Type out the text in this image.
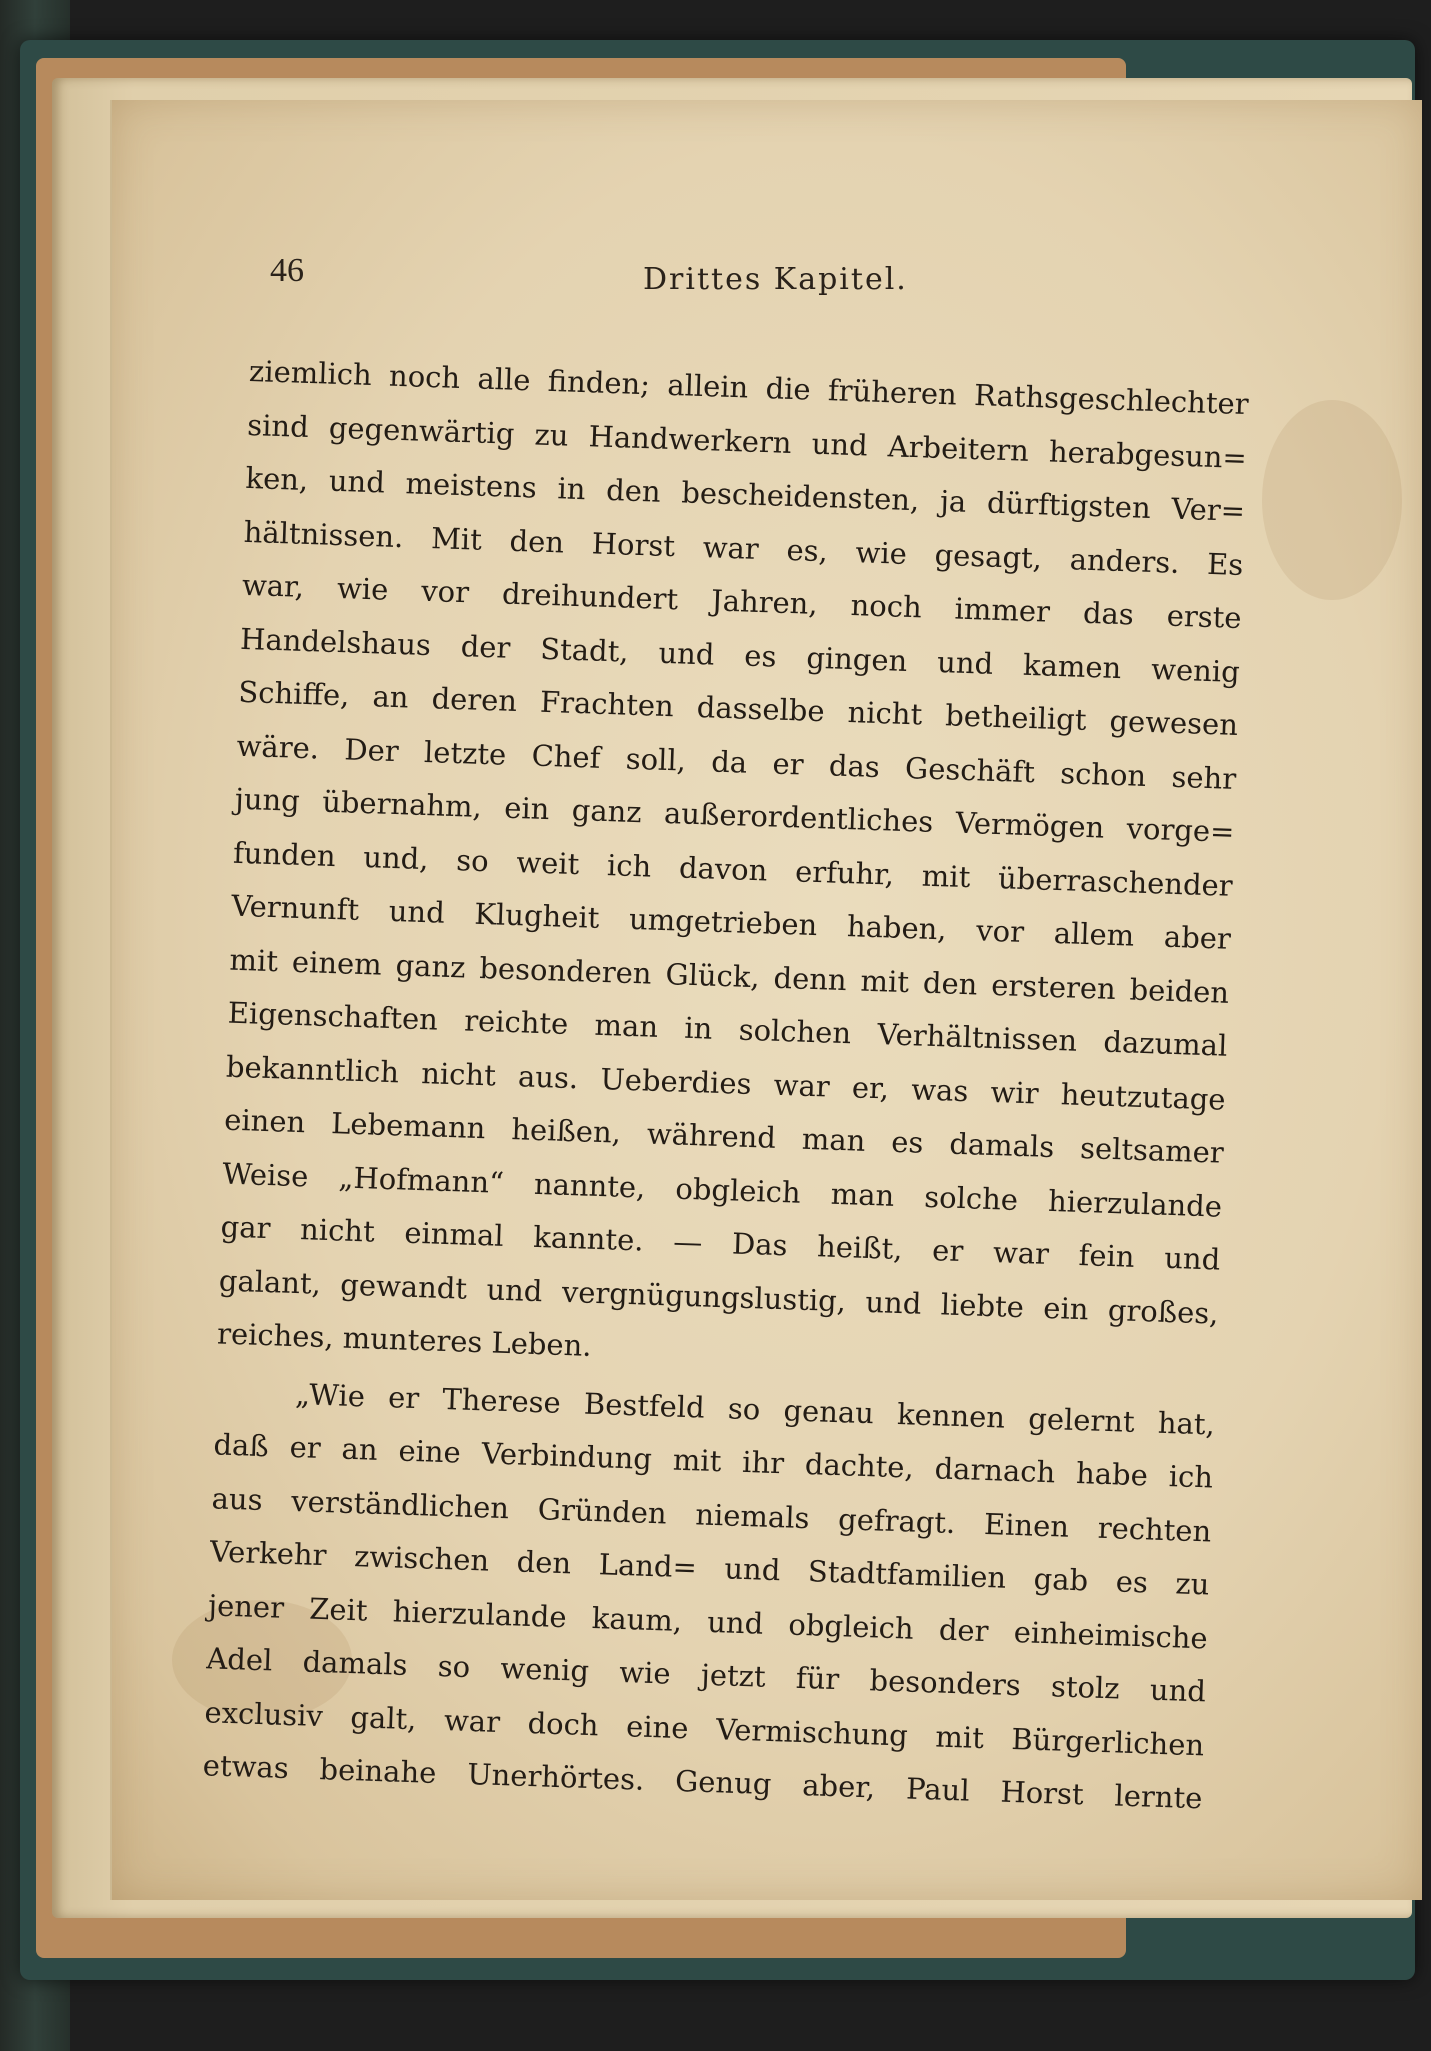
46	Drittes Kapitel.

ziemlich noch alle finden; allein die früheren Rathsgeschlechter

sind gegenwärtig zu Handwerkern und Arbeitern herabgesun=

ken, und meistens in den bescheidensten, ja dürftigsten Ver=

hältnissen. Mit den Horst war es, wie gesagt, anders. Es

war, wie vor dreihundert Jahren, noch immer das erste

Handelshaus der Stadt, und es gingen und kamen wenig

Schiffe, an deren Frachten dasselbe nicht betheiligt gewesen

wäre. Der letzte Chef soll, da er das Geschäft schon sehr

jung übernahm, ein ganz außerordentliches Vermögen vorge=

funden und, so weit ich davon erfuhr, mit überraschender

Vernunft und Klugheit umgetrieben haben, vor allem aber

mit einem ganz besonderen Glück, denn mit den ersteren beiden

Eigenschaften reichte man in solchen Verhältnissen dazumal

bekanntlich nicht aus. Ueberdies war er, was wir heutzutage

einen Lebemann heißen, während man es damals seltsamer

Weise „Hofmann“ nannte, obgleich man solche hierzulande

gar nicht einmal kannte. — Das heißt, er war fein und

galant, gewandt und vergnügungslustig, und liebte ein großes,

reiches, munteres Leben.

„Wie er Therese Bestfeld so genau kennen gelernt hat,

daß er an eine Verbindung mit ihr dachte, darnach habe ich

aus verständlichen Gründen niemals gefragt. Einen rechten

Verkehr zwischen den Land= und Stadtfamilien gab es zu

jener Zeit hierzulande kaum, und obgleich der einheimische

Adel damals so wenig wie jetzt für besonders stolz und

exclusiv galt, war doch eine Vermischung mit Bürgerlichen

etwas beinahe Unerhörtes. Genug aber, Paul Horst lernte
